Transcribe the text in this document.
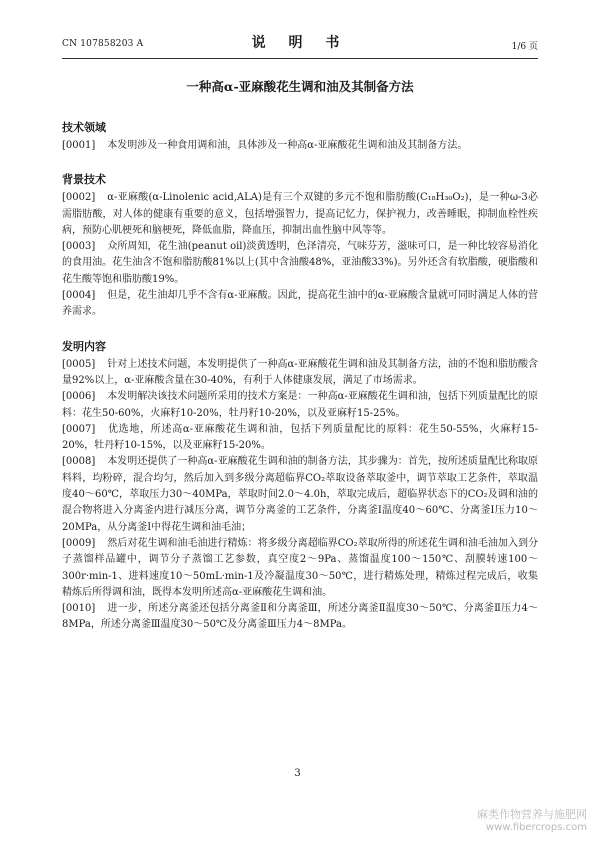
CN 107858203 A	说 明 书	1/6 页
一种高α-亚麻酸花生调和油及其制备方法
技术领域

[0001] 本发明涉及一种食用调和油，具体涉及一种高α-亚麻酸花生调和油及其制备方法。

背景技术

[0002] α-亚麻酸(α-Linolenic acid,ALA)是有三个双键的多元不饱和脂肪酸(C₁₈H₃₀O₂)，是一种ω-3必需脂肪酸，对人体的健康有重要的意义，包括增强智力，提高记忆力，保护视力，改善睡眠，抑制血栓性疾病，预防心肌梗死和脑梗死，降低血脂，降血压，抑制出血性脑中风等等。

[0003] 众所周知，花生油(peanut oil)淡黄透明，色泽清亮，气味芬芳，滋味可口，是一种比较容易消化的食用油。花生油含不饱和脂肪酸81%以上(其中含油酸48%，亚油酸33%)。另外还含有软脂酸，硬脂酸和花生酸等饱和脂肪酸19%。

[0004] 但是，花生油却几乎不含有α-亚麻酸。因此，提高花生油中的α-亚麻酸含量就可同时满足人体的营养需求。

发明内容

[0005] 针对上述技术问题，本发明提供了一种高α-亚麻酸花生调和油及其制备方法，油的不饱和脂肪酸含量92%以上，α-亚麻酸含量在30-40%，有利于人体健康发展，满足了市场需求。

[0006] 本发明解决该技术问题所采用的技术方案是：一种高α-亚麻酸花生调和油，包括下列质量配比的原料：花生50-60%，火麻籽10-20%，牡丹籽10-20%，以及亚麻籽15-25%。

[0007] 优选地，所述高α-亚麻酸花生调和油，包括下列质量配比的原料：花生50-55%，火麻籽15-20%，牡丹籽10-15%，以及亚麻籽15-20%。

[0008] 本发明还提供了一种高α-亚麻酸花生调和油的制备方法，其步骤为：首先，按所述质量配比称取原料料，均粉碎，混合均匀，然后加入到多级分离超临界CO₂萃取设备萃取釜中，调节萃取工艺条件，萃取温度40～60℃，萃取压力30～40MPa，萃取时间2.0～4.0h，萃取完成后，超临界状态下的CO₂及调和油的混合物将进入分离釜内进行减压分离，调节分离釜的工艺条件，分离釜Ⅰ温度40～60℃、分离釜Ⅰ压力10～20MPa，从分离釜Ⅰ中得花生调和油毛油；

[0009] 然后对花生调和油毛油进行精炼：将多级分离超临界CO₂萃取所得的所述花生调和油毛油加入到分子蒸馏样品罐中，调节分子蒸馏工艺参数，真空度2～9Pa、蒸馏温度100～150℃、刮膜转速100～300r·min-1、进料速度10～50mL·min-1及冷凝温度30～50℃，进行精炼处理，精炼过程完成后，收集精炼后所得调和油，既得本发明所述高α-亚麻酸花生调和油。

[0010] 进一步，所述分离釜还包括分离釜Ⅱ和分离釜Ⅲ，所述分离釜Ⅱ温度30～50℃、分离釜Ⅱ压力4～8MPa，所述分离釜Ⅲ温度30～50℃及分离釜Ⅲ压力4～8MPa。

3
麻类作物营养与施肥网
www.fibercrops.com
